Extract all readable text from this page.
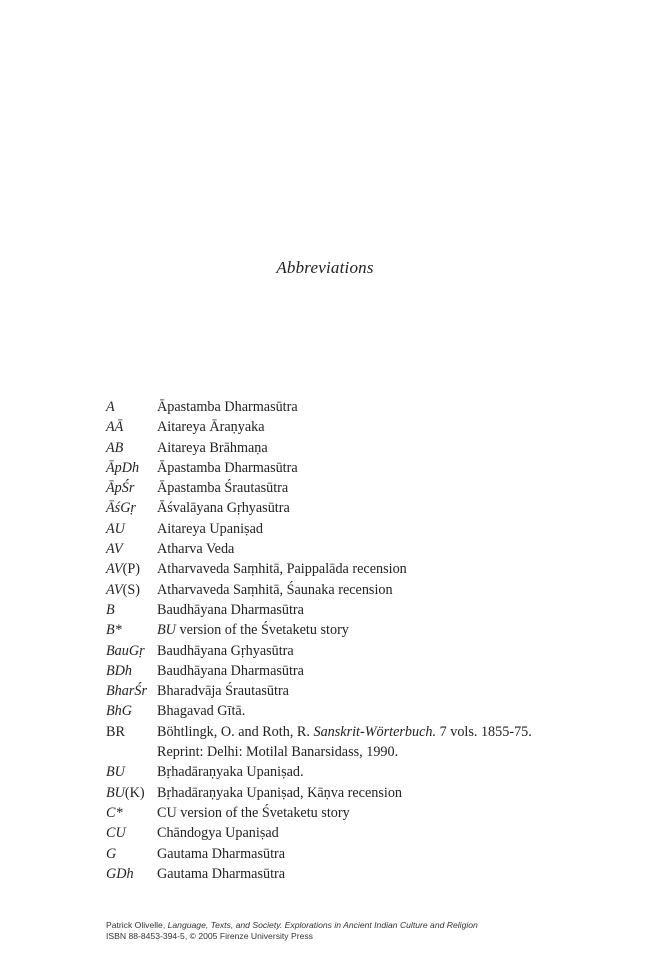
Abbreviations
A	Āpastamba Dharmasūtra
AĀ	Aitareya Āraṇyaka
AB	Aitareya Brāhmaṇa
ĀpDh	Āpastamba Dharmasūtra
ĀpŚr	Āpastamba Śrautasūtra
ĀśGṛ	Āśvalāyana Gṛhyasūtra
AU	Aitareya Upaniṣad
AV	Atharva Veda
AV(P)	Atharvaveda Saṃhitā, Paippalāda recension
AV(S)	Atharvaveda Saṃhitā, Śaunaka recension
B	Baudhāyana Dharmasūtra
B*	BU version of the Śvetaketu story
BauGṛ Baudhāyana Gṛhyasūtra
BDh	Baudhāyana Dharmasūtra
BharŚr Bharadvāja Śrautasūtra
BhG	Bhagavad Gītā.
BR	Böhtlingk, O. and Roth, R. Sanskrit-Wörterbuch. 7 vols. 1855-75. Reprint: Delhi: Motilal Banarsidass, 1990.
BU	Bṛhadāraṇyaka Upaniṣad.
BU(K) Bṛhadāraṇyaka Upaniṣad, Kāṇva recension
C*	CU version of the Śvetaketu story
CU	Chāndogya Upaniṣad
G	Gautama Dharmasūtra
GDh	Gautama Dharmasūtra
Patrick Olivelle, Language, Texts, and Society. Explorations in Ancient Indian Culture and Religion
ISBN 88-8453-394-5, © 2005 Firenze University Press
